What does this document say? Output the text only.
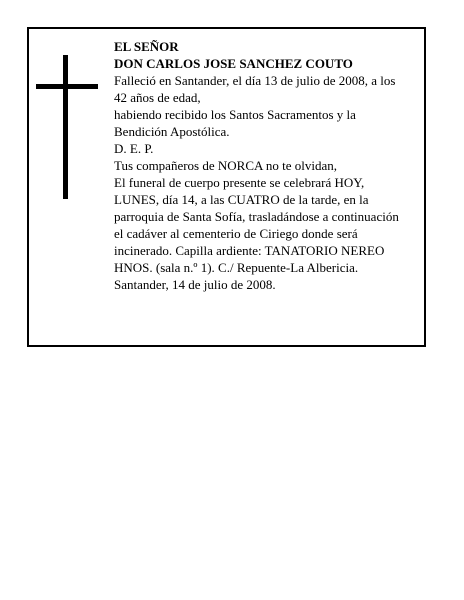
EL SEÑOR
DON CARLOS JOSE SANCHEZ COUTO
Falleció en Santander, el día 13 de julio de 2008, a los
42 años de edad,
habiendo recibido los Santos Sacramentos y la
Bendición Apostólica.
D. E. P.
Tus compañeros de NORCA no te olvidan,
El funeral de cuerpo presente se celebrará HOY,
LUNES, día 14, a las CUATRO de la tarde, en la
parroquia de Santa Sofía, trasladándose a continuación
el cadáver al cementerio de Ciriego donde será
incinerado. Capilla ardiente: TANATORIO NEREO
HNOS. (sala n.º 1). C./ Repuente-La Albericia.
Santander, 14 de julio de 2008.
